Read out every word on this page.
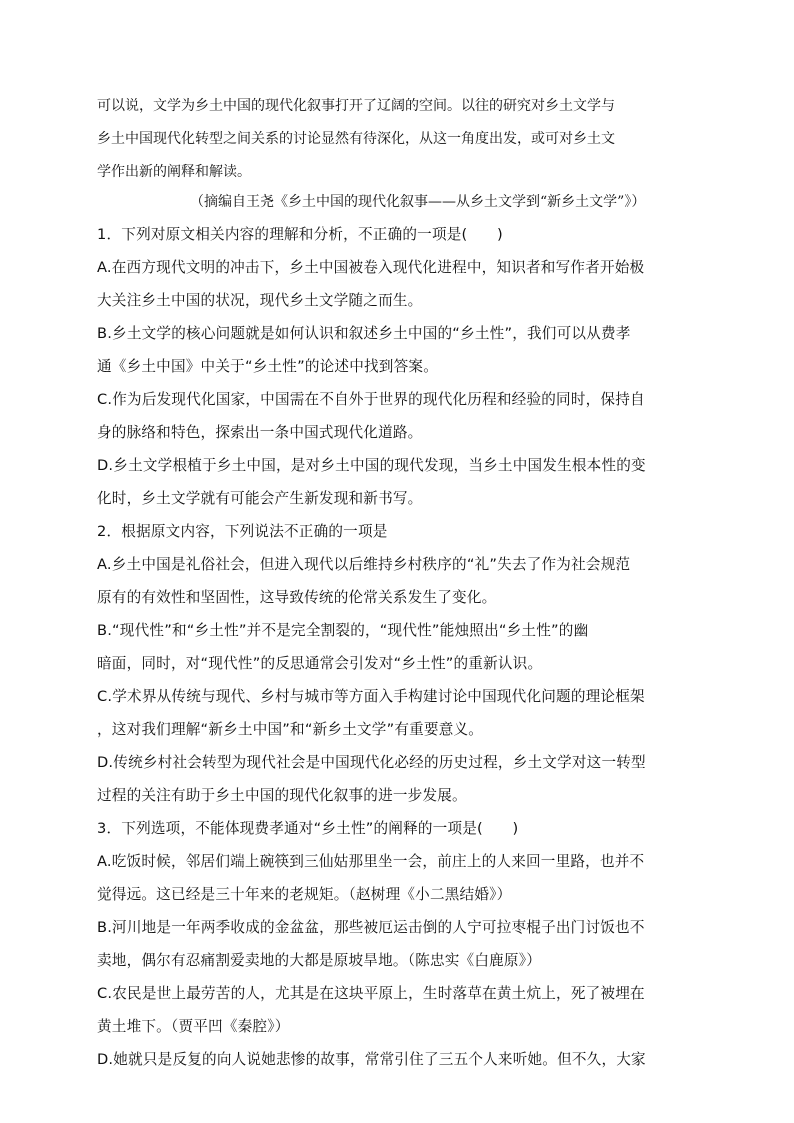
可以说，文学为乡土中国的现代化叙事打开了辽阔的空间。以往的研究对乡土文学与
乡土中国现代化转型之间关系的讨论显然有待深化，从这一角度出发，或可对乡土文
学作出新的阐释和解读。
（摘编自王尧《乡土中国的现代化叙事——从乡土文学到“新乡土文学”》）
1．下列对原文相关内容的理解和分析，不正确的一项是(　　)
A.在西方现代文明的冲击下，乡土中国被卷入现代化进程中，知识者和写作者开始极
大关注乡土中国的状况，现代乡土文学随之而生。
B.乡土文学的核心问题就是如何认识和叙述乡土中国的“乡土性”，我们可以从费孝
通《乡土中国》中关于“乡土性”的论述中找到答案。
C.作为后发现代化国家，中国需在不自外于世界的现代化历程和经验的同时，保持自
身的脉络和特色，探索出一条中国式现代化道路。
D.乡土文学根植于乡土中国，是对乡土中国的现代发现，当乡土中国发生根本性的变
化时，乡土文学就有可能会产生新发现和新书写。
2．根据原文内容，下列说法不正确的一项是
A.乡土中国是礼俗社会，但进入现代以后维持乡村秩序的“礼”失去了作为社会规范
原有的有效性和坚固性，这导致传统的伦常关系发生了变化。
B.“现代性”和“乡土性”并不是完全割裂的，“现代性”能烛照出“乡土性”的幽
暗面，同时，对“现代性”的反思通常会引发对“乡土性”的重新认识。
C.学术界从传统与现代、乡村与城市等方面入手构建讨论中国现代化问题的理论框架
，这对我们理解“新乡土中国”和“新乡土文学”有重要意义。
D.传统乡村社会转型为现代社会是中国现代化必经的历史过程，乡土文学对这一转型
过程的关注有助于乡土中国的现代化叙事的进一步发展。
3．下列选项，不能体现费孝通对“乡土性”的阐释的一项是(　　)
A.吃饭时候，邻居们端上碗筷到三仙姑那里坐一会，前庄上的人来回一里路，也并不
觉得远。这已经是三十年来的老规矩。（赵树理《小二黑结婚》）
B.河川地是一年两季收成的金盆盆，那些被厄运击倒的人宁可拉枣棍子出门讨饭也不
卖地，偶尔有忍痛割爱卖地的大都是原坡旱地。（陈忠实《白鹿原》）
C.农民是世上最劳苦的人，尤其是在这块平原上，生时落草在黄土炕上，死了被埋在
黄土堆下。（贾平凹《秦腔》）
D.她就只是反复的向人说她悲惨的故事，常常引住了三五个人来听她。但不久，大家
